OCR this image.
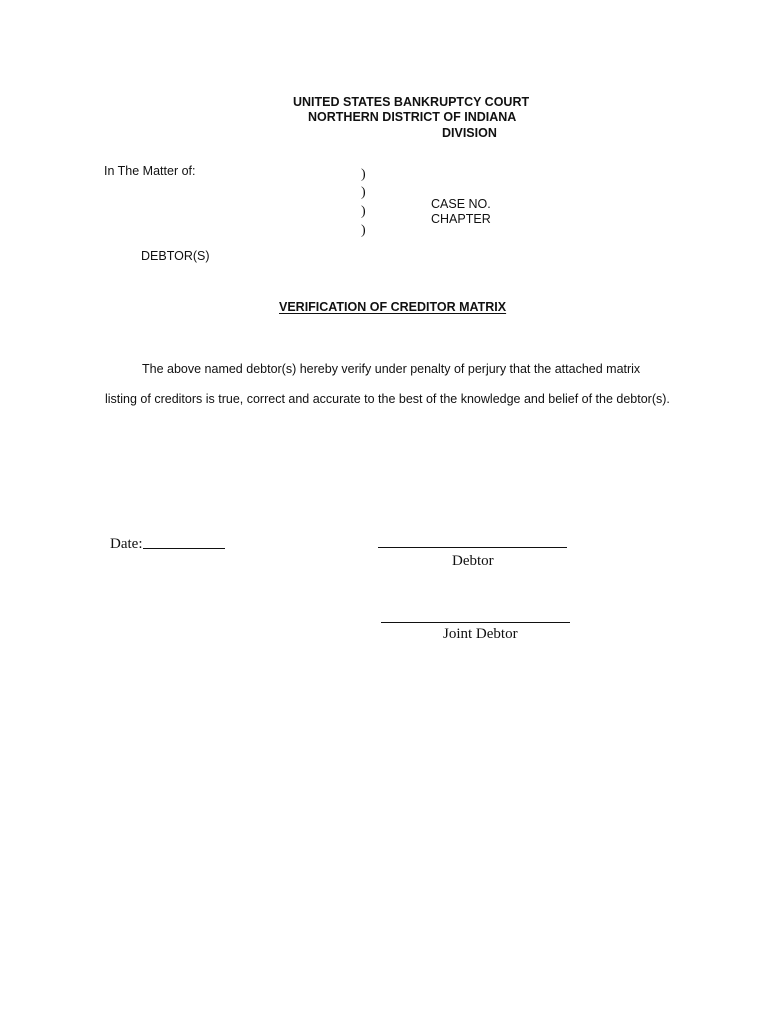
UNITED STATES BANKRUPTCY COURT
NORTHERN DISTRICT OF INDIANA
DIVISION
In The Matter of:	)
)
)
)
CASE NO.
CHAPTER
DEBTOR(S)
VERIFICATION OF CREDITOR MATRIX
The above named debtor(s) hereby verify under penalty of perjury that the attached matrix
listing of creditors is true, correct and accurate to the best of the knowledge and belief of the debtor(s).
Date:
Debtor
Joint Debtor
